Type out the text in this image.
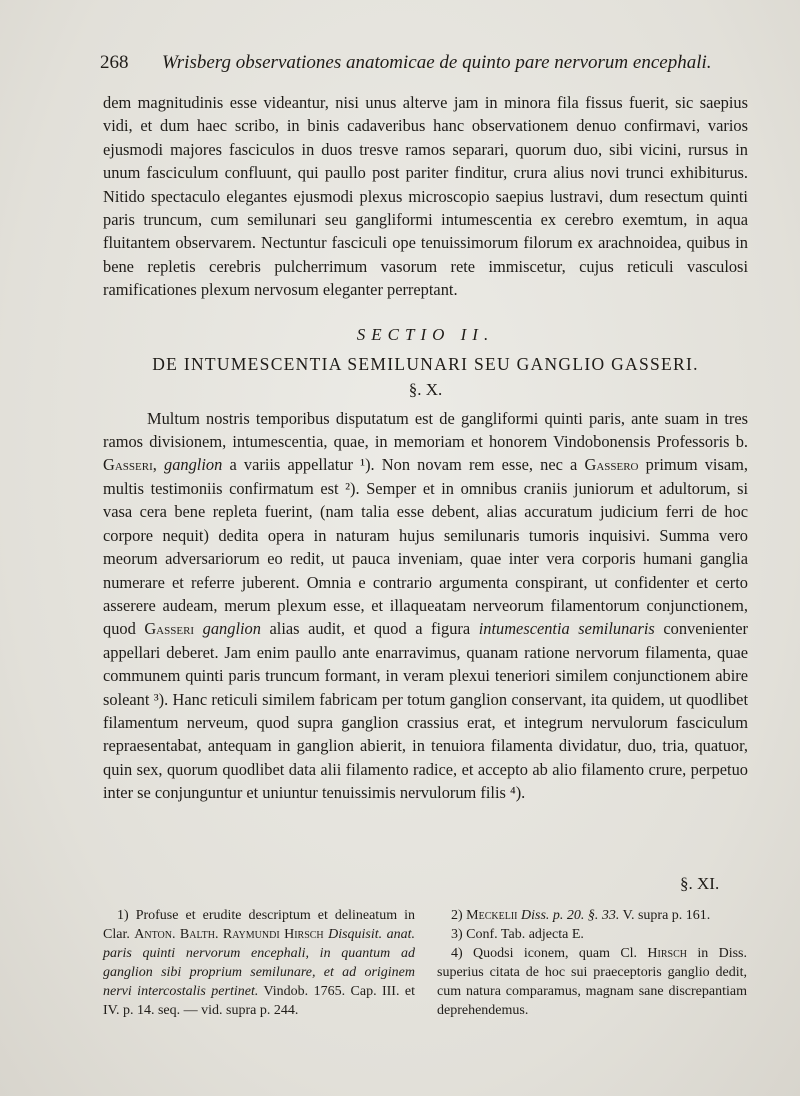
268 Wrisberg observationes anatomicae de quinto pare nervorum encephali.

dem magnitudinis esse videantur, nisi unus alterve jam in minora fila fissus fuerit, sic saepius vidi, et dum haec scribo, in binis cadaveribus hanc observationem denuo confirmavi, varios ejusmodi majores fasciculos in duos tresve ramos separari, quorum duo, sibi vicini, rursus in unum fasciculum confluunt, qui paullo post pariter finditur, crura alius novi trunci exhibiturus. Nitido spectaculo elegantes ejusmodi plexus microscopio saepius lustravi, dum resectum quinti paris truncum, cum semilunari seu gangliformi intumescentia ex cerebro exemtum, in aqua fluitantem observarem. Nectuntur fasciculi ope tenuissimorum filorum ex arachnoidea, quibus in bene repletis cerebris pulcherrimum vasorum rete immiscetur, cujus reticuli vasculosi ramificationes plexum nervosum eleganter perreptant.

SECTIO II.
DE INTUMESCENTIA SEMILUNARI SEU GANGLIO GASSERI.
§. X.

Multum nostris temporibus disputatum est de gangliformi quinti paris, ante suam in tres ramos divisionem, intumescentia, quae, in memoriam et honorem Vindobonensis Professoris b. Gasseri, ganglion a variis appellatur ¹). Non novam rem esse, nec a Gassero primum visam, multis testimoniis confirmatum est ²). Semper et in omnibus craniis juniorum et adultorum, si vasa cera bene repleta fuerint, (nam talia esse debent, alias accuratum judicium ferri de hoc corpore nequit) dedita opera in naturam hujus semilunaris tumoris inquisivi. Summa vero meorum adversariorum eo redit, ut pauca inveniam, quae inter vera corporis humani ganglia numerare et referre juberent. Omnia e contrario argumenta conspirant, ut confidenter et certo asserere audeam, merum plexum esse, et illaqueatam nerveorum filamentorum conjunctionem, quod Gasseri ganglion alias audit, et quod a figura intumescentia semilunaris convenienter appellari deberet. Jam enim paullo ante enarravimus, quanam ratione nervorum filamenta, quae communem quinti paris truncum formant, in veram plexui teneriori similem conjunctionem abire soleant ³). Hanc reticuli similem fabricam per totum ganglion conservant, ita quidem, ut quodlibet filamentum nerveum, quod supra ganglion crassius erat, et integrum nervulorum fasciculum repraesentabat, antequam in ganglion abierit, in tenuiora filamenta dividatur, duo, tria, quatuor, quin sex, quorum quodlibet data alii filamento radice, et accepto ab alio filamento crure, perpetuo inter se conjunguntur et uniuntur tenuissimis nervulorum filis ⁴).

§. XI.

1) Profuse et erudite descriptum et delineatum in Clar. Anton. Balth. Raymundi Hirsch Disquisit. anat. paris quinti nervorum encephali, in quantum ad ganglion sibi proprium semilunare, et ad originem nervi intercostalis pertinet. Vindob. 1765. Cap. III. et IV. p. 14. seq. — vid. supra p. 244.

2) Meckelii Diss. p. 20. §. 33. V. supra p. 161.

3) Conf. Tab. adjecta E.

4) Quodsi iconem, quam Cl. Hirsch in Diss. superius citata de hoc sui praeceptoris ganglio dedit, cum natura comparamus, magnam sane discrepantiam deprehendemus.
